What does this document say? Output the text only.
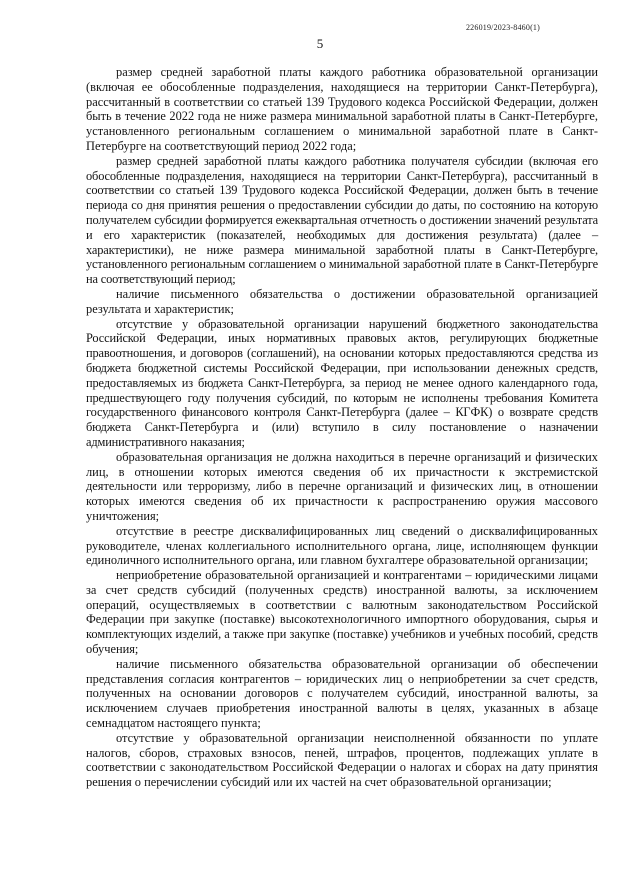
226019/2023-8460(1)
5

размер средней заработной платы каждого работника образовательной организации (включая ее обособленные подразделения, находящиеся на территории Санкт-Петербурга), рассчитанный в соответствии со статьей 139 Трудового кодекса Российской Федерации, должен быть в течение 2022 года не ниже размера минимальной заработной платы в Санкт-Петербурге, установленного региональным соглашением о минимальной заработной плате в Санкт-Петербурге на соответствующий период 2022 года;

размер средней заработной платы каждого работника получателя субсидии (включая его обособленные подразделения, находящиеся на территории Санкт-Петербурга), рассчитанный в соответствии со статьей 139 Трудового кодекса Российской Федерации, должен быть в течение периода со дня принятия решения о предоставлении субсидии до даты, по состоянию на которую получателем субсидии формируется ежеквартальная отчетность о достижении значений результата и его характеристик (показателей, необходимых для достижения результата) (далее – характеристики), не ниже размера минимальной заработной платы в Санкт-Петербурге, установленного региональным соглашением о минимальной заработной плате в Санкт-Петербурге на соответствующий период;

наличие письменного обязательства о достижении образовательной организацией результата и характеристик;

отсутствие у образовательной организации нарушений бюджетного законодательства Российской Федерации, иных нормативных правовых актов, регулирующих бюджетные правоотношения, и договоров (соглашений), на основании которых предоставляются средства из бюджета бюджетной системы Российской Федерации, при использовании денежных средств, предоставляемых из бюджета Санкт-Петербурга, за период не менее одного календарного года, предшествующего году получения субсидий, по которым не исполнены требования Комитета государственного финансового контроля Санкт-Петербурга (далее – КГФК) о возврате средств бюджета Санкт-Петербурга и (или) вступило в силу постановление о назначении административного наказания;

образовательная организация не должна находиться в перечне организаций и физических лиц, в отношении которых имеются сведения об их причастности к экстремистской деятельности или терроризму, либо в перечне организаций и физических лиц, в отношении которых имеются сведения об их причастности к распространению оружия массового уничтожения;

отсутствие в реестре дисквалифицированных лиц сведений о дисквалифицированных руководителе, членах коллегиального исполнительного органа, лице, исполняющем функции единоличного исполнительного органа, или главном бухгалтере образовательной организации;

неприобретение образовательной организацией и контрагентами – юридическими лицами за счет средств субсидий (полученных средств) иностранной валюты, за исключением операций, осуществляемых в соответствии с валютным законодательством Российской Федерации при закупке (поставке) высокотехнологичного импортного оборудования, сырья и комплектующих изделий, а также при закупке (поставке) учебников и учебных пособий, средств обучения;

наличие письменного обязательства образовательной организации об обеспечении представления согласия контрагентов – юридических лиц о неприобретении за счет средств, полученных на основании договоров с получателем субсидий, иностранной валюты, за исключением случаев приобретения иностранной валюты в целях, указанных в абзаце семнадцатом настоящего пункта;

отсутствие у образовательной организации неисполненной обязанности по уплате налогов, сборов, страховых взносов, пеней, штрафов, процентов, подлежащих уплате в соответствии с законодательством Российской Федерации о налогах и сборах на дату принятия решения о перечислении субсидий или их частей на счет образовательной организации;
